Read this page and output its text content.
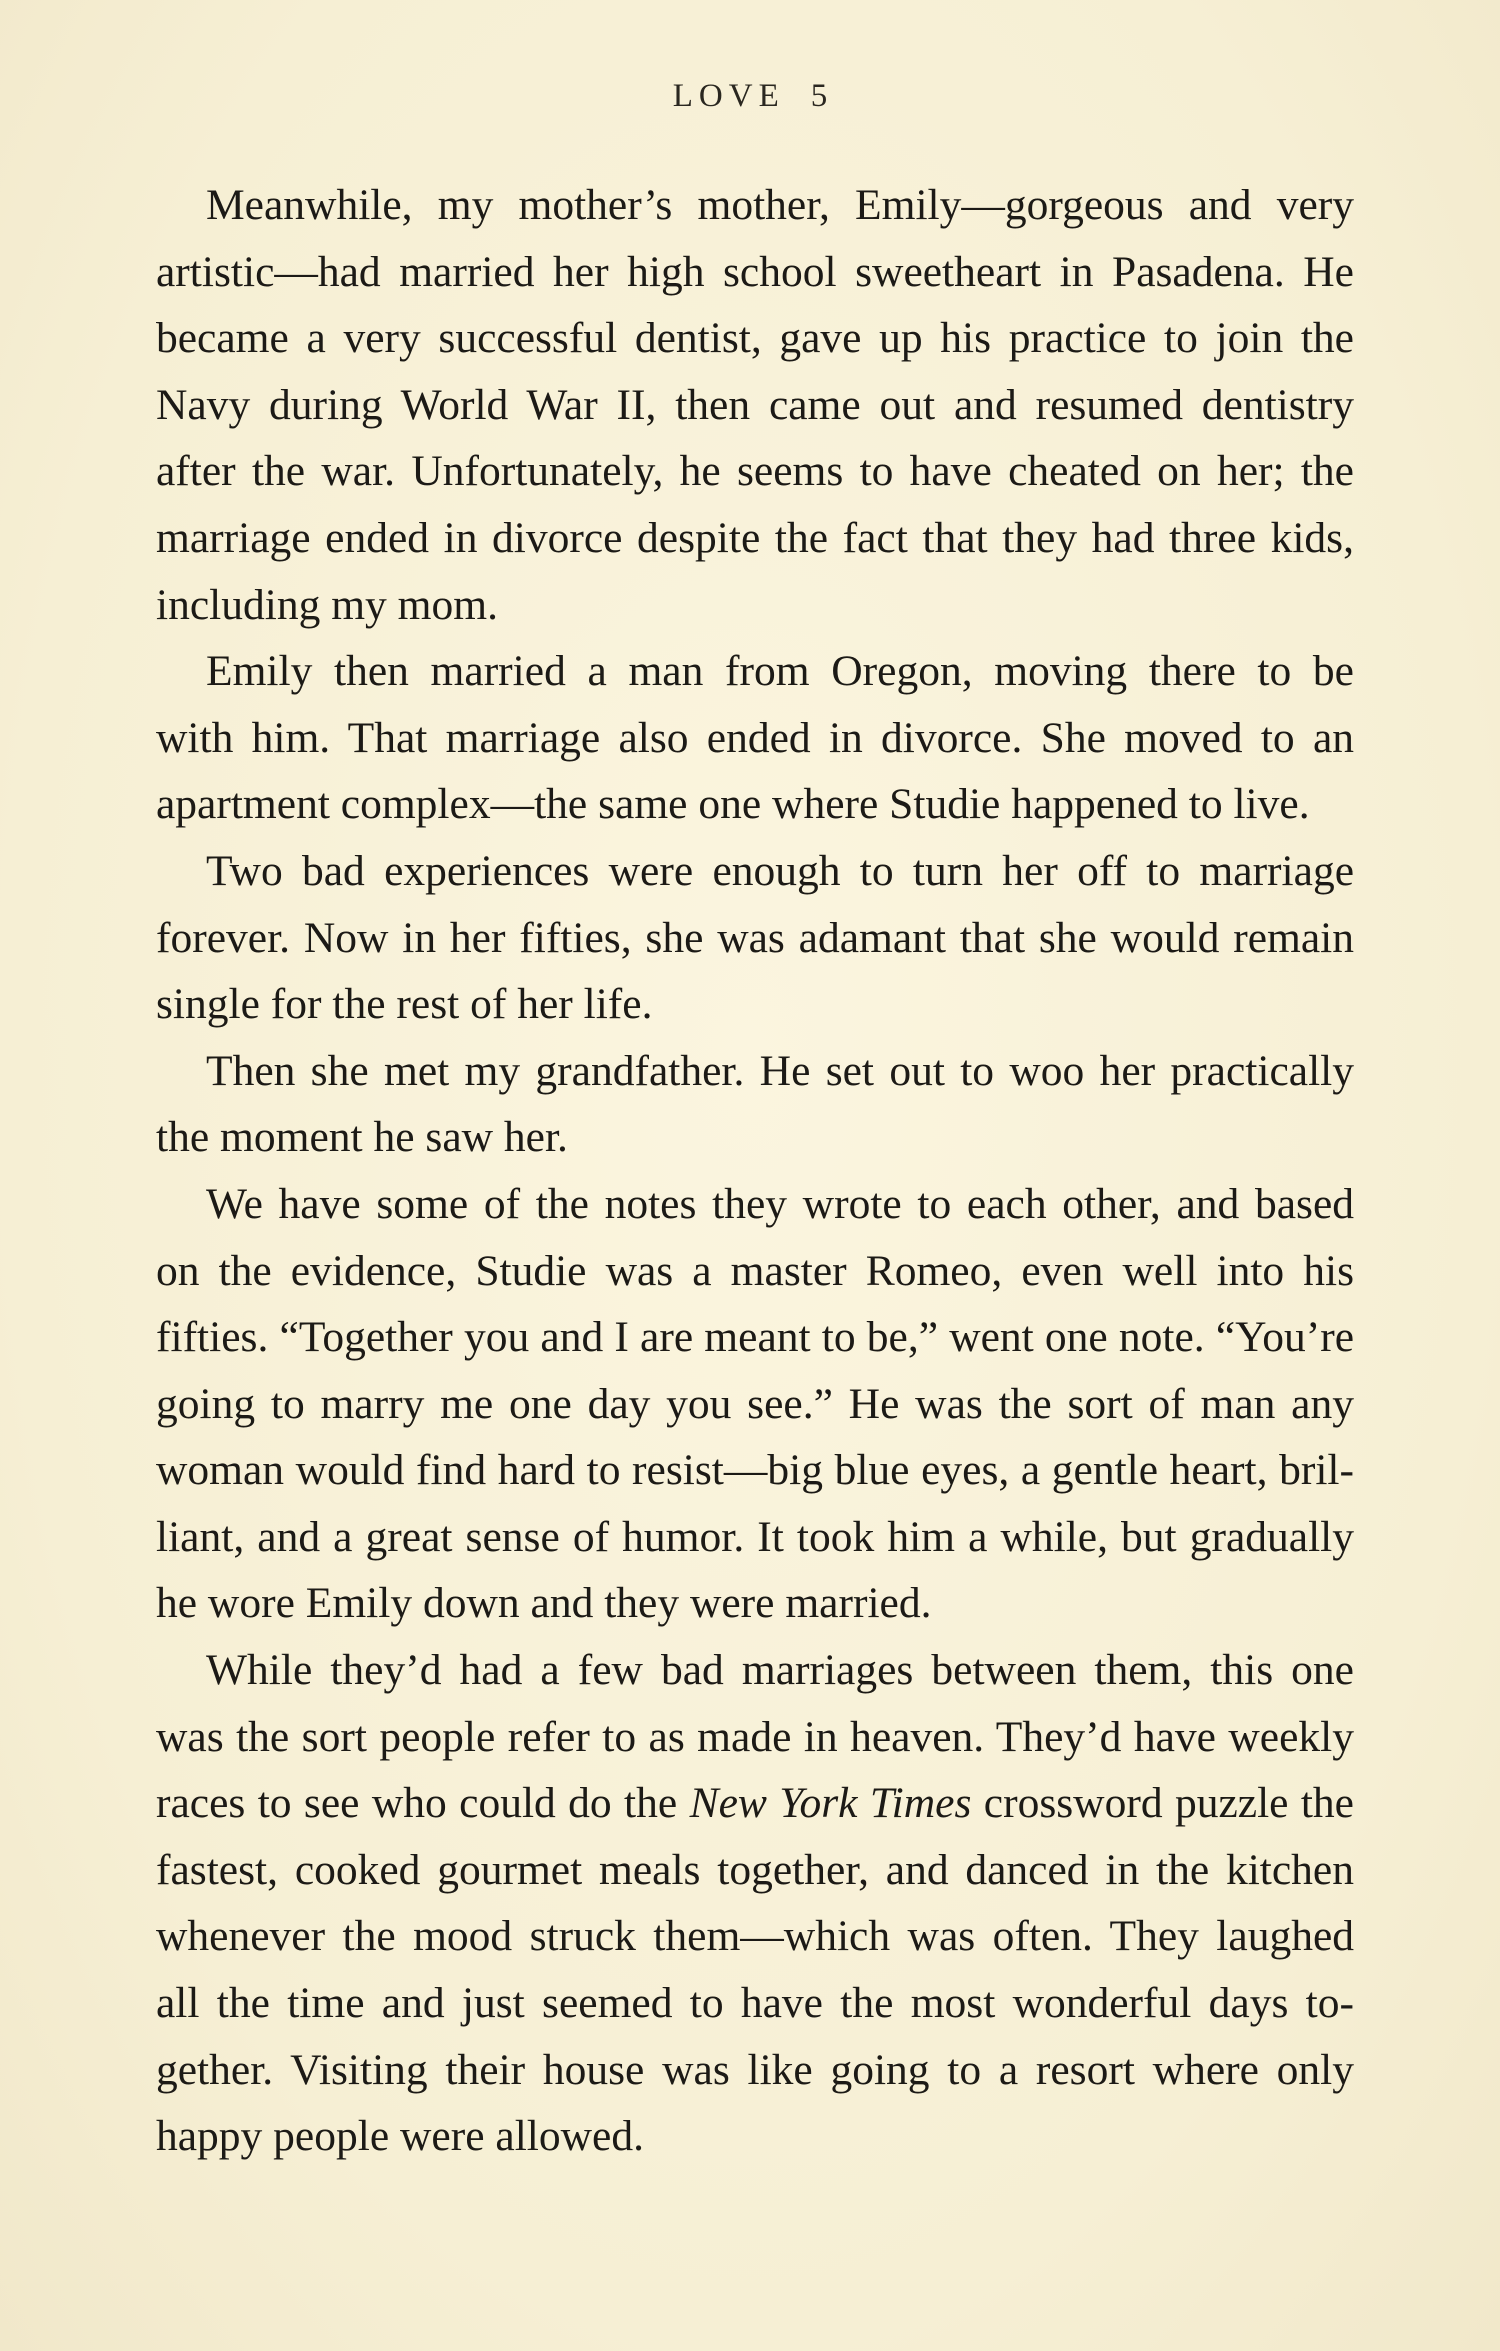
LOVE 5

Meanwhile, my mother’s mother, Emily—gorgeous and very
artistic—had married her high school sweetheart in Pasadena. He
became a very successful dentist, gave up his practice to join the
Navy during World War II, then came out and resumed dentistry
after the war. Unfortunately, he seems to have cheated on her; the
marriage ended in divorce despite the fact that they had three kids,
including my mom.

Emily then married a man from Oregon, moving there to be
with him. That marriage also ended in divorce. She moved to an
apartment complex—the same one where Studie happened to live.

Two bad experiences were enough to turn her off to marriage
forever. Now in her fifties, she was adamant that she would remain
single for the rest of her life.

Then she met my grandfather. He set out to woo her practically
the moment he saw her.

We have some of the notes they wrote to each other, and based
on the evidence, Studie was a master Romeo, even well into his
fifties. “Together you and I are meant to be,” went one note. “You’re
going to marry me one day you see.” He was the sort of man any
woman would find hard to resist—big blue eyes, a gentle heart, bril-
liant, and a great sense of humor. It took him a while, but gradually
he wore Emily down and they were married.

While they’d had a few bad marriages between them, this one
was the sort people refer to as made in heaven. They’d have weekly
races to see who could do the New York Times crossword puzzle the
fastest, cooked gourmet meals together, and danced in the kitchen
whenever the mood struck them—which was often. They laughed
all the time and just seemed to have the most wonderful days to-
gether. Visiting their house was like going to a resort where only
happy people were allowed.
